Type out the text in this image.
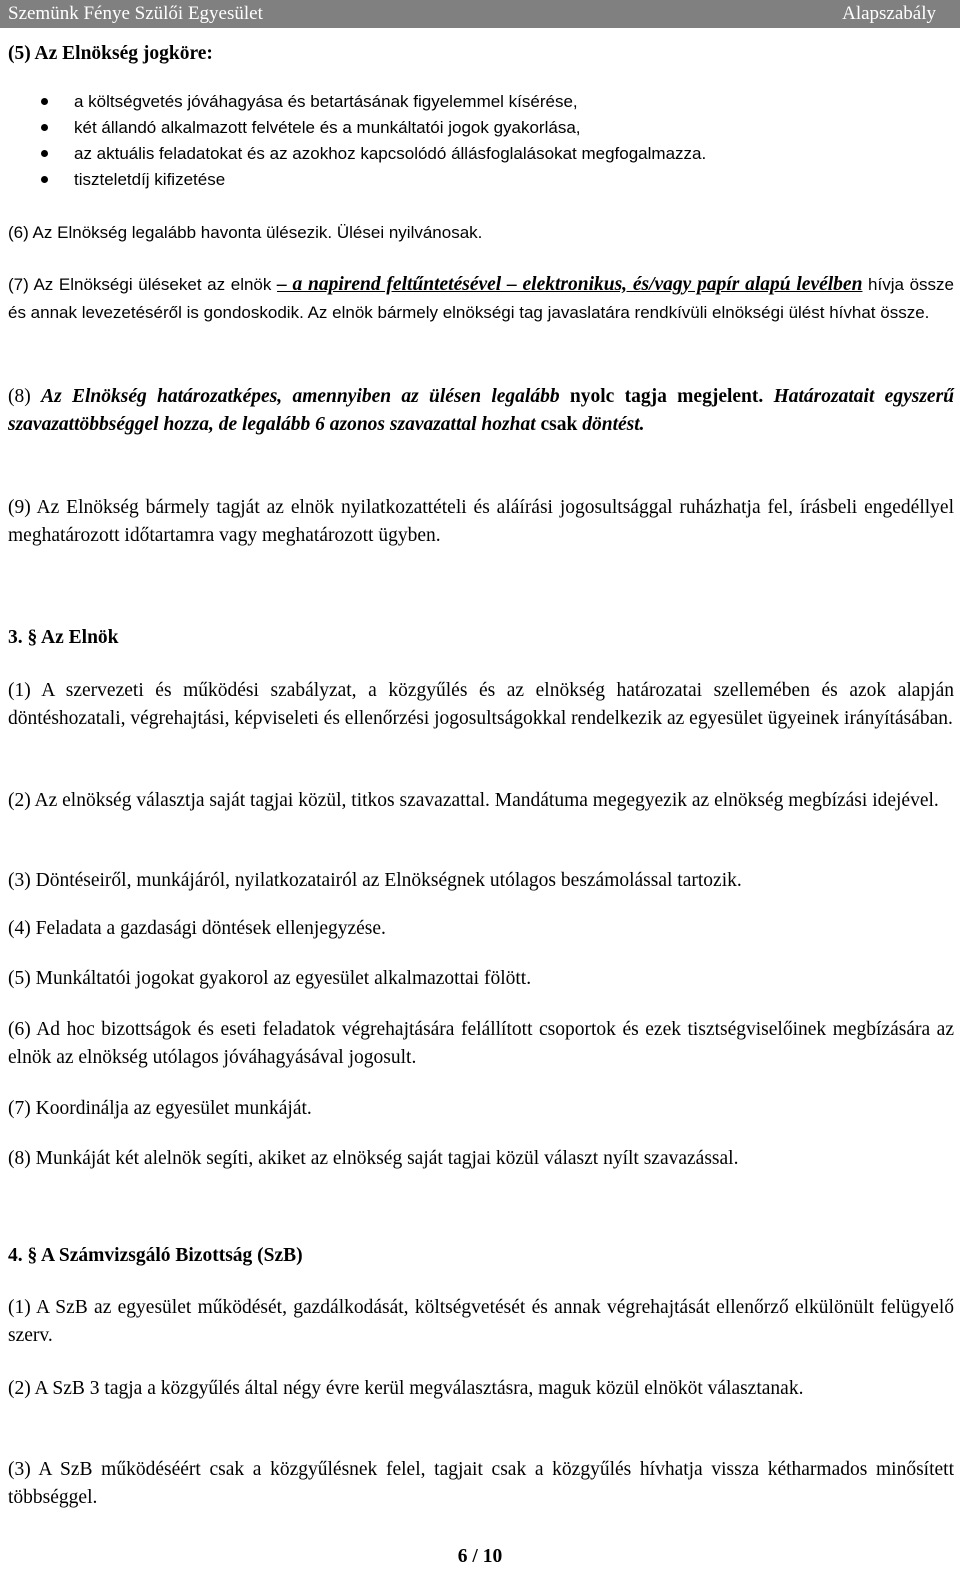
Szemünk Fénye Szülői Egyesület	Alapszabály

(5) Az Elnökség jogköre:

a költségvetés jóváhagyása és betartásának figyelemmel kísérése,
két állandó alkalmazott felvétele és a munkáltatói jogok gyakorlása,
az aktuális feladatokat és az azokhoz kapcsolódó állásfoglalásokat megfogalmazza.
tiszteletdíj kifizetése

(6) Az Elnökség legalább havonta ülésezik. Ülései nyilvánosak.

(7) Az Elnökségi üléseket az elnök – a napirend feltűntetésével – elektronikus, és/vagy papír alapú levélben hívja össze és annak levezetéséről is gondoskodik. Az elnök bármely elnökségi tag javaslatára rendkívüli elnökségi ülést hívhat össze.

(8) Az Elnökség határozatképes, amennyiben az ülésen legalább nyolc tagja megjelent. Határozatait egyszerű szavazattöbbséggel hozza, de legalább 6 azonos szavazattal hozhat csak döntést.

(9) Az Elnökség bármely tagját az elnök nyilatkozattételi és aláírási jogosultsággal ruházhatja fel, írásbeli engedéllyel meghatározott időtartamra vagy meghatározott ügyben.

3. § Az Elnök

(1) A szervezeti és működési szabályzat, a közgyűlés és az elnökség határozatai szellemében és azok alapján döntéshozatali, végrehajtási, képviseleti és ellenőrzési jogosultságokkal rendelkezik az egyesület ügyeinek irányításában.

(2) Az elnökség választja saját tagjai közül, titkos szavazattal. Mandátuma megegyezik az elnökség megbízási idejével.

(3) Döntéseiről, munkájáról, nyilatkozatairól az Elnökségnek utólagos beszámolással tartozik.

(4) Feladata a gazdasági döntések ellenjegyzése.

(5) Munkáltatói jogokat gyakorol az egyesület alkalmazottai fölött.

(6) Ad hoc bizottságok és eseti feladatok végrehajtására felállított csoportok és ezek tisztségviselőinek megbízására az elnök az elnökség utólagos jóváhagyásával jogosult.

(7) Koordinálja az egyesület munkáját.

(8) Munkáját két alelnök segíti, akiket az elnökség saját tagjai közül választ nyílt szavazással.

4. § A Számvizsgáló Bizottság (SzB)

(1) A SzB az egyesület működését, gazdálkodását, költségvetését és annak végrehajtását ellenőrző elkülönült felügyelő szerv.

(2) A SzB 3 tagja a közgyűlés által négy évre kerül megválasztásra, maguk közül elnököt választanak.

(3) A SzB működéséért csak a közgyűlésnek felel, tagjait csak a közgyűlés hívhatja vissza kétharmados minősített többséggel.

6 / 10
